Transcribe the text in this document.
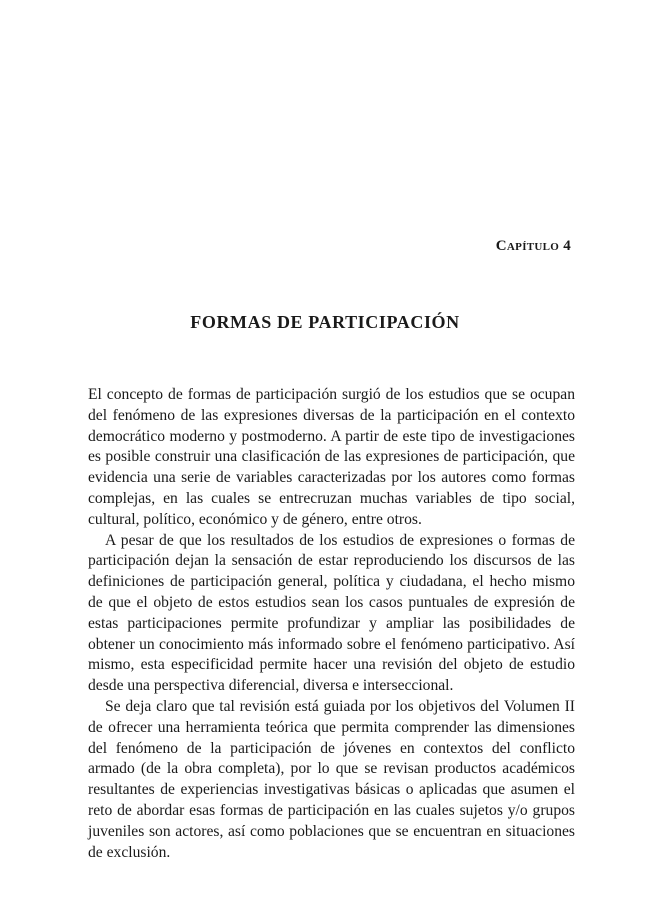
Capítulo 4
FORMAS DE PARTICIPACIÓN

El concepto de formas de participación surgió de los estudios que se ocupan del fenómeno de las expresiones diversas de la participación en el contexto democrático moderno y postmoderno. A partir de este tipo de investigaciones es posible construir una clasificación de las expresiones de participación, que evidencia una serie de variables caracterizadas por los autores como formas complejas, en las cuales se entrecruzan muchas variables de tipo social, cultural, político, económico y de género, entre otros.

A pesar de que los resultados de los estudios de expresiones o formas de participación dejan la sensación de estar reproduciendo los discursos de las definiciones de participación general, política y ciudadana, el hecho mismo de que el objeto de estos estudios sean los casos puntuales de expresión de estas participaciones permite profundizar y ampliar las posibilidades de obtener un conocimiento más informado sobre el fenómeno participativo. Así mismo, esta especificidad permite hacer una revisión del objeto de estudio desde una perspectiva diferencial, diversa e interseccional.

Se deja claro que tal revisión está guiada por los objetivos del Volumen II de ofrecer una herramienta teórica que permita comprender las dimensiones del fenómeno de la participación de jóvenes en contextos del conflicto armado (de la obra completa), por lo que se revisan productos académicos resultantes de experiencias investigativas básicas o aplicadas que asumen el reto de abordar esas formas de participación en las cuales sujetos y/o grupos juveniles son actores, así como poblaciones que se encuentran en situaciones de exclusión.
